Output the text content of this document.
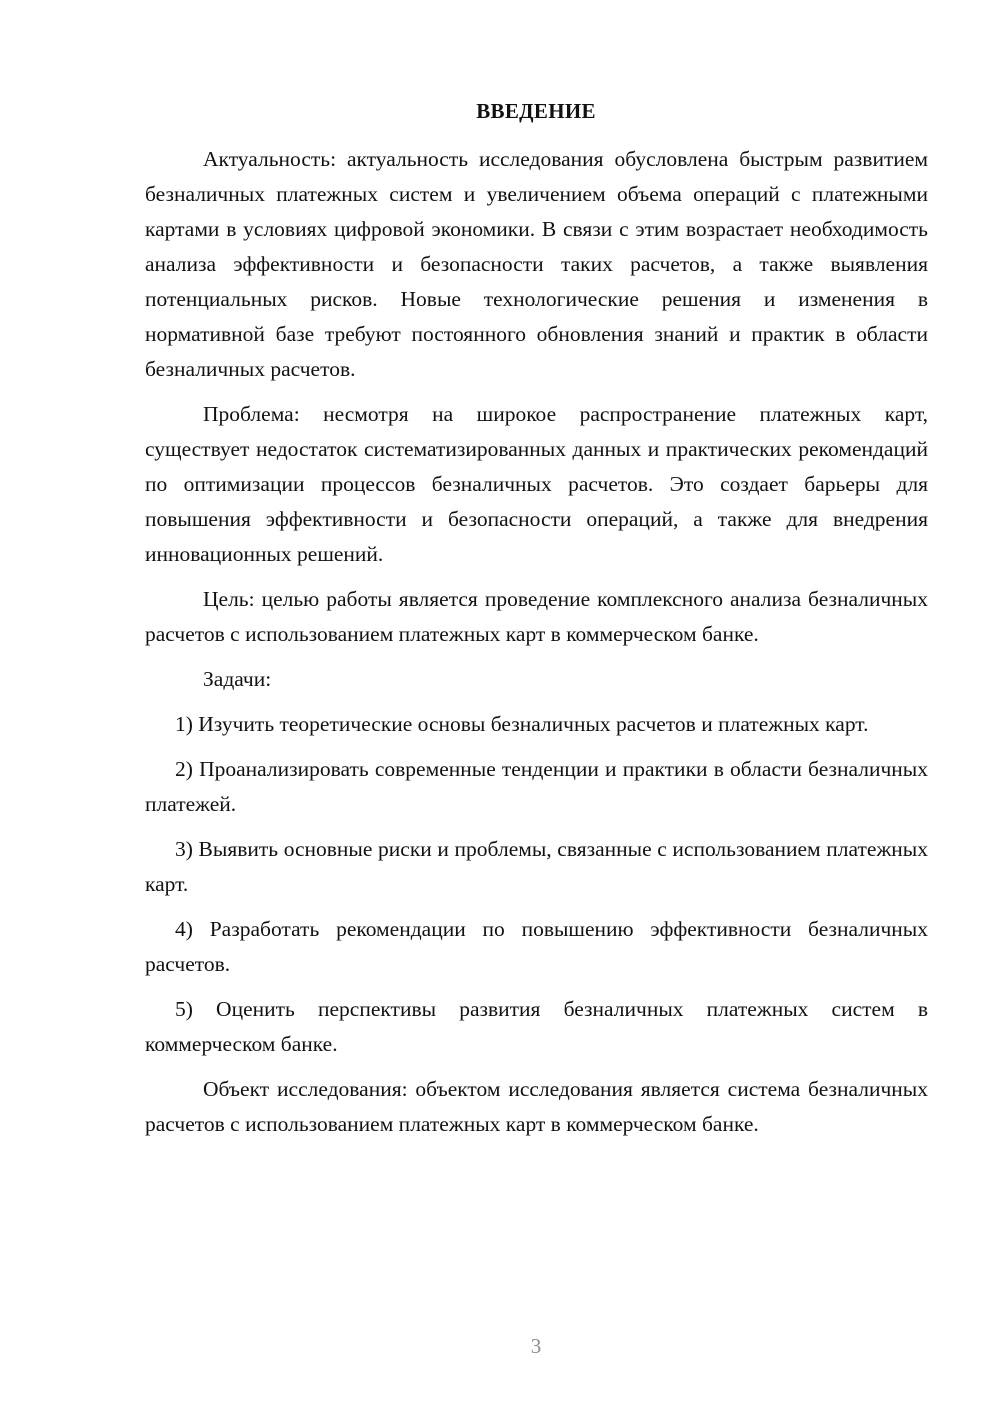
ВВЕДЕНИЕ

Актуальность: актуальность исследования обусловлена быстрым развитием безналичных платежных систем и увеличением объема операций с платежными картами в условиях цифровой экономики. В связи с этим возрастает необходимость анализа эффективности и безопасности таких расчетов, а также выявления потенциальных рисков. Новые технологические решения и изменения в нормативной базе требуют постоянного обновления знаний и практик в области безналичных расчетов.

Проблема: несмотря на широкое распространение платежных карт, существует недостаток систематизированных данных и практических рекомендаций по оптимизации процессов безналичных расчетов. Это создает барьеры для повышения эффективности и безопасности операций, а также для внедрения инновационных решений.

Цель: целью работы является проведение комплексного анализа безналичных расчетов с использованием платежных карт в коммерческом банке.

Задачи:

1) Изучить теоретические основы безналичных расчетов и платежных карт.

2) Проанализировать современные тенденции и практики в области безналичных платежей.

3) Выявить основные риски и проблемы, связанные с использованием платежных карт.

4) Разработать рекомендации по повышению эффективности безналичных расчетов.

5) Оценить перспективы развития безналичных платежных систем в коммерческом банке.

Объект исследования: объектом исследования является система безналичных расчетов с использованием платежных карт в коммерческом банке.

3
